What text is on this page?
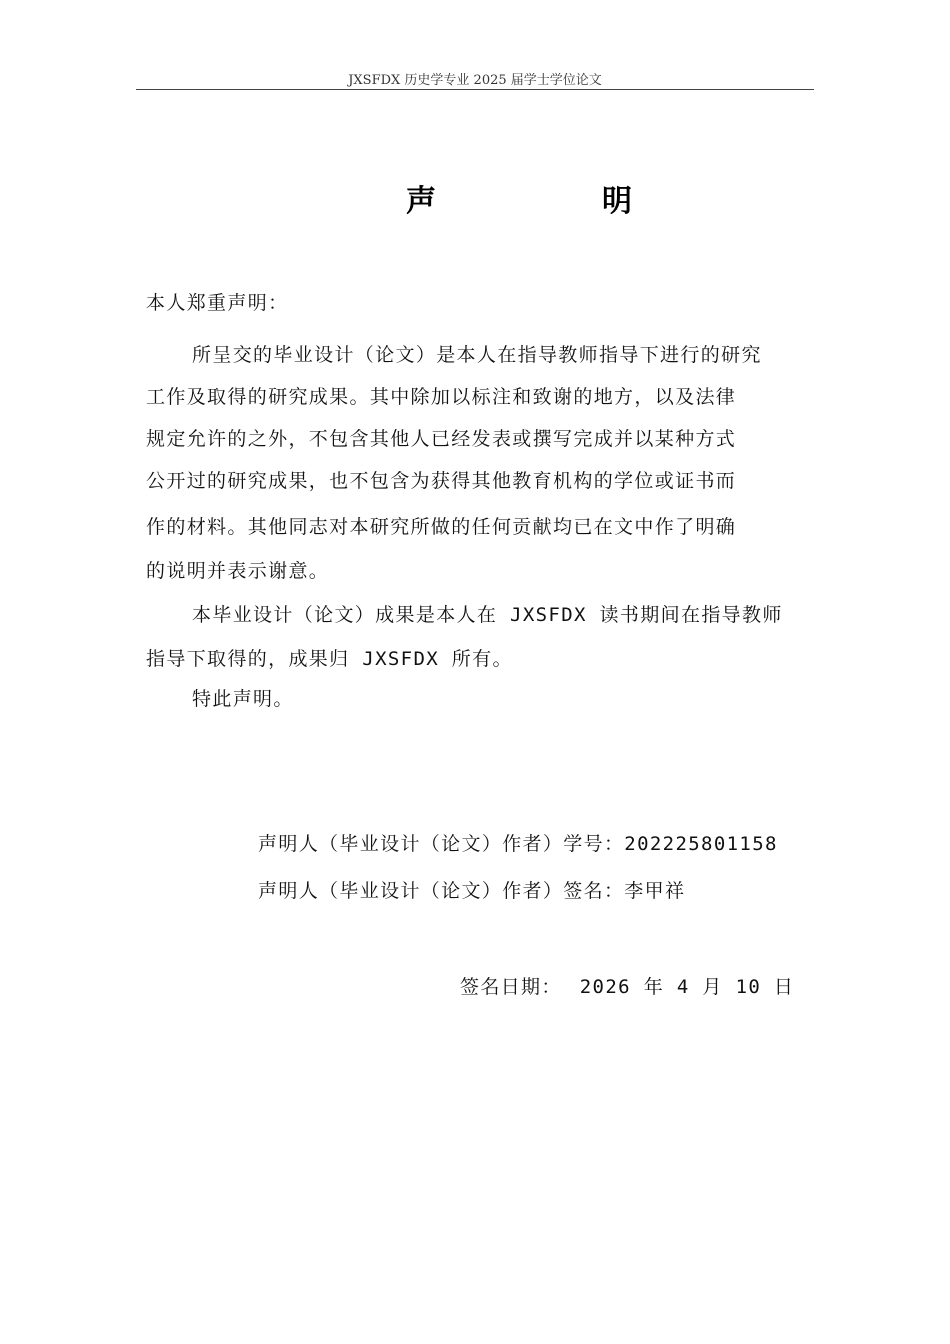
JXSFDX 历史学专业 2025 届学士学位论文
声	明
本人郑重声明：
所呈交的毕业设计（论文）是本人在指导教师指导下进行的研究
工作及取得的研究成果。其中除加以标注和致谢的地方，以及法律
规定允许的之外，不包含其他人已经发表或撰写完成并以某种方式
公开过的研究成果，也不包含为获得其他教育机构的学位或证书而
作的材料。其他同志对本研究所做的任何贡献均已在文中作了明确
的说明并表示谢意。
本毕业设计（论文）成果是本人在 JXSFDX 读书期间在指导教师
指导下取得的，成果归 JXSFDX 所有。
特此声明。
声明人（毕业设计（论文）作者）学号：202225801158
声明人（毕业设计（论文）作者）签名：李甲祥
签名日期： 2026 年 4 月 10 日
